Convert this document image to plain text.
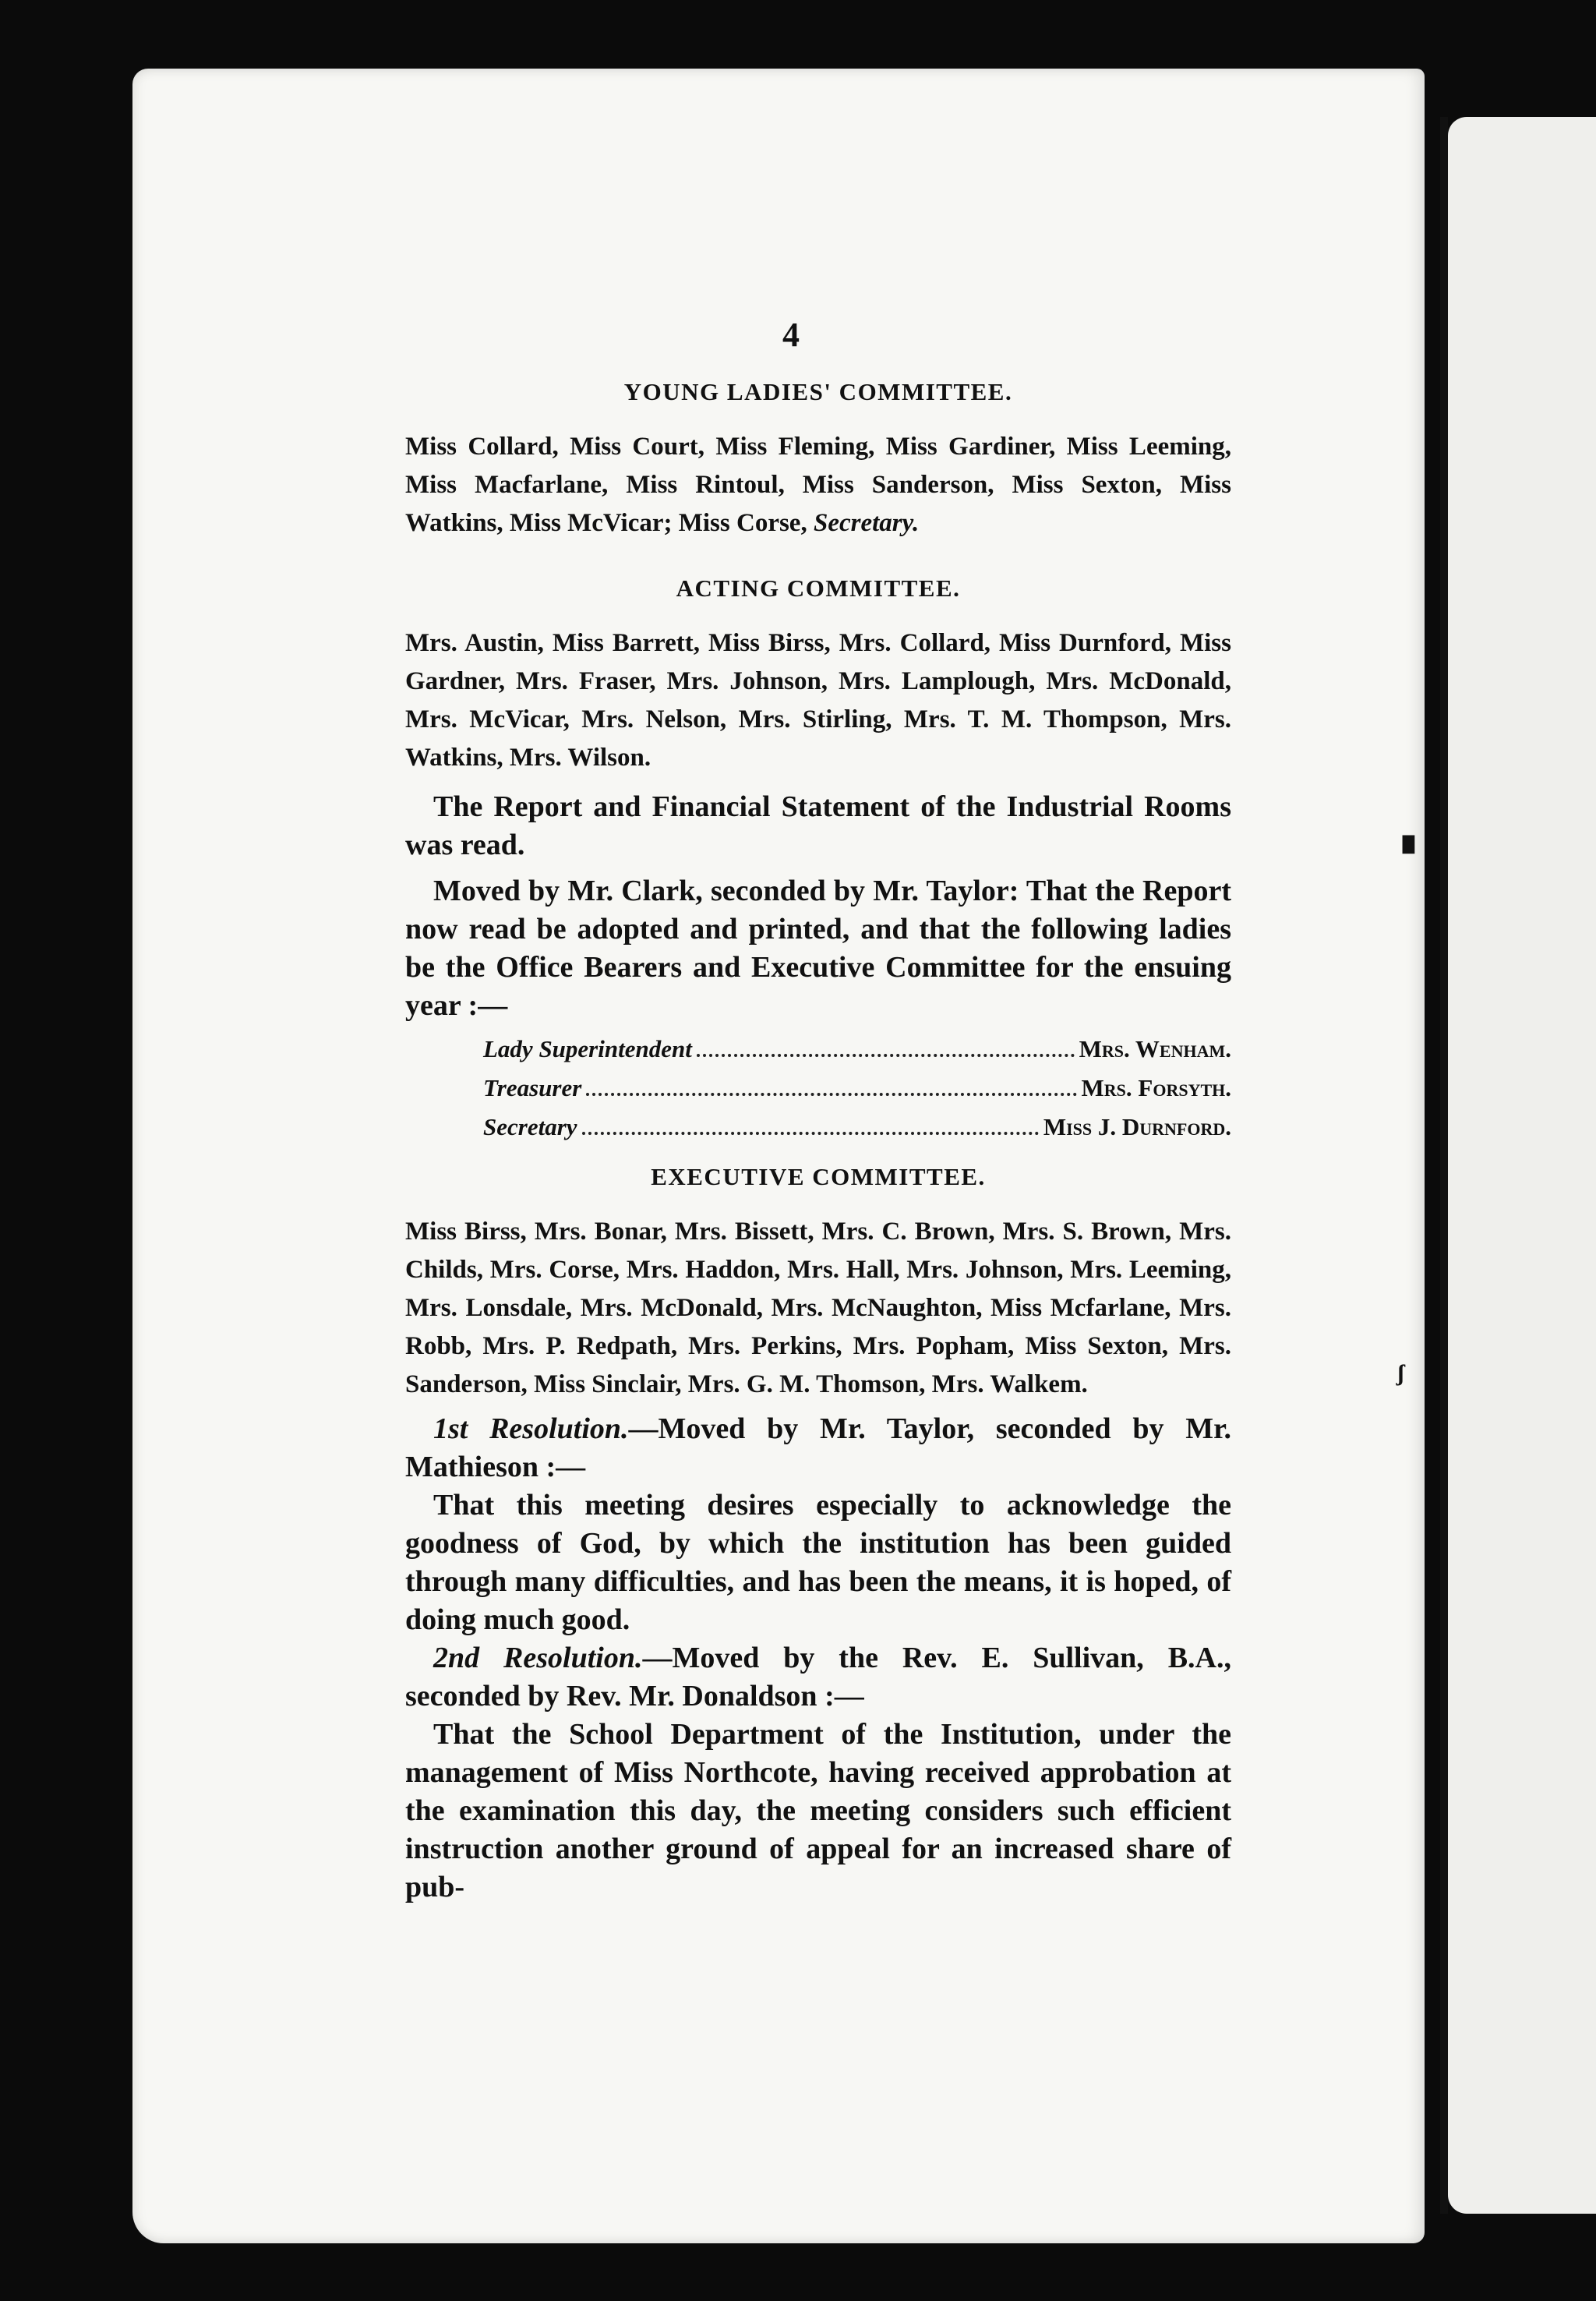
▘
ʃ
4
YOUNG LADIES' COMMITTEE.
Miss Collard, Miss Court, Miss Fleming, Miss Gardiner, Miss Leeming, Miss Macfarlane, Miss Rintoul, Miss Sanderson, Miss Sexton, Miss Watkins, Miss McVicar; Miss Corse, Secretary.
ACTING COMMITTEE.
Mrs. Austin, Miss Barrett, Miss Birss, Mrs. Collard, Miss Durnford, Miss Gardner, Mrs. Fraser, Mrs. Johnson, Mrs. Lamplough, Mrs. McDonald, Mrs. McVicar, Mrs. Nelson, Mrs. Stirling, Mrs. T. M. Thompson, Mrs. Watkins, Mrs. Wilson.

The Report and Financial Statement of the Industrial Rooms was read.

Moved by Mr. Clark, seconded by Mr. Taylor: That the Report now read be adopted and printed, and that the following ladies be the Office Bearers and Executive Committee for the ensuing year :—

Lady Superintendent	Mrs. Wenham.
Treasurer	Mrs. Forsyth.
Secretary	Miss J. Durnford.
EXECUTIVE COMMITTEE.
Miss Birss, Mrs. Bonar, Mrs. Bissett, Mrs. C. Brown, Mrs. S. Brown, Mrs. Childs, Mrs. Corse, Mrs. Haddon, Mrs. Hall, Mrs. Johnson, Mrs. Leeming, Mrs. Lonsdale, Mrs. McDonald, Mrs. McNaughton, Miss Mcfarlane, Mrs. Robb, Mrs. P. Redpath, Mrs. Perkins, Mrs. Popham, Miss Sexton, Mrs. Sanderson, Miss Sinclair, Mrs. G. M. Thomson, Mrs. Walkem.

1st Resolution.—Moved by Mr. Taylor, seconded by Mr. Mathieson :—

That this meeting desires especially to acknowledge the goodness of God, by which the institution has been guided through many difficulties, and has been the means, it is hoped, of doing much good.

2nd Resolution.—Moved by the Rev. E. Sullivan, B.A., seconded by Rev. Mr. Donaldson :—

That the School Department of the Institution, under the management of Miss Northcote, having received approbation at the examination this day, the meeting considers such efficient instruction another ground of appeal for an increased share of pub-
